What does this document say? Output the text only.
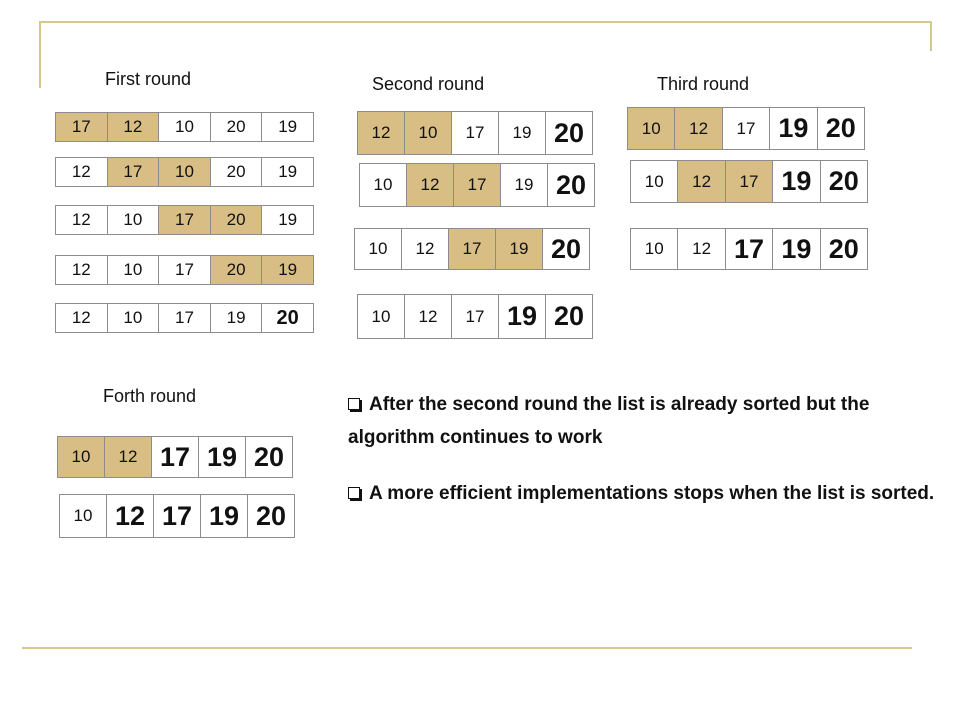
First round	Second round	Third round
Forth round	After the second round the list is already sorted but the algorithm continues to work
A more efficient implementations stops when the list is sorted.
17	12	10	20	19
12	17	10	20	19
12	10	17	20	19
12	10	17	20	19
12	10	17	19	20
12	10	17	19 20
10	12	17	19 20
10	12	17	19 20
10	12	17 19 20
10	12	17 19 20
10	12	17 19 20
10	12 17 19 20
10	12 17 19 20
10 12 17 19 20
